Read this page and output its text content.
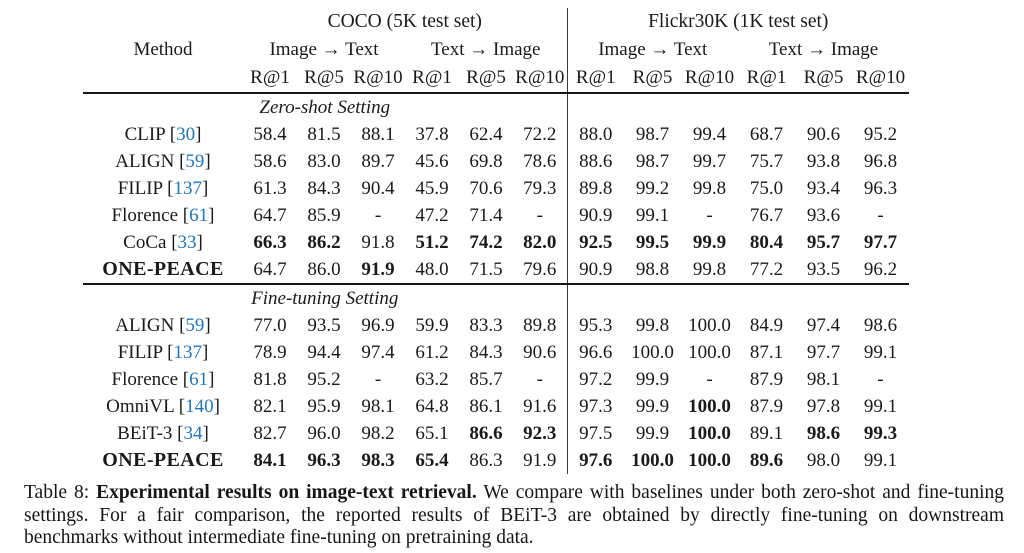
Method	COCO (5K test set)						Flickr30K (1K test set)					
	Image → Text			Text → Image			Image → Text			Text → Image		
	R@1	R@5	R@10	R@1	R@5	R@10	R@1	R@5	R@10	R@1	R@5	R@10
Zero-shot Setting												
CLIP [30]	58.4	81.5	88.1	37.8	62.4	72.2	88.0	98.7	99.4	68.7	90.6	95.2
ALIGN [59]	58.6	83.0	89.7	45.6	69.8	78.6	88.6	98.7	99.7	75.7	93.8	96.8
FILIP [137]	61.3	84.3	90.4	45.9	70.6	79.3	89.8	99.2	99.8	75.0	93.4	96.3
Florence [61]	64.7	85.9	-	47.2	71.4	-	90.9	99.1	-	76.7	93.6	-
CoCa [33]	66.3	86.2	91.8	51.2	74.2	82.0	92.5	99.5	99.9	80.4	95.7	97.7
ONE-PEACE	64.7	86.0	91.9	48.0	71.5	79.6	90.9	98.8	99.8	77.2	93.5	96.2
Fine-tuning Setting												
ALIGN [59]	77.0	93.5	96.9	59.9	83.3	89.8	95.3	99.8	100.0	84.9	97.4	98.6
FILIP [137]	78.9	94.4	97.4	61.2	84.3	90.6	96.6	100.0	100.0	87.1	97.7	99.1
Florence [61]	81.8	95.2	-	63.2	85.7	-	97.2	99.9	-	87.9	98.1	-
OmniVL [140]	82.1	95.9	98.1	64.8	86.1	91.6	97.3	99.9	100.0	87.9	97.8	99.1
BEiT-3 [34]	82.7	96.0	98.2	65.1	86.6	92.3	97.5	99.9	100.0	89.1	98.6	99.3
ONE-PEACE	84.1	96.3	98.3	65.4	86.3	91.9	97.6	100.0	100.0	89.6	98.0	99.1
Table 8: Experimental results on image-text retrieval. We compare with baselines under both zero-shot and fine-tuning settings. For a fair comparison, the reported results of BEiT-3 are obtained by directly fine-tuning on downstream benchmarks without intermediate fine-tuning on pretraining data.
